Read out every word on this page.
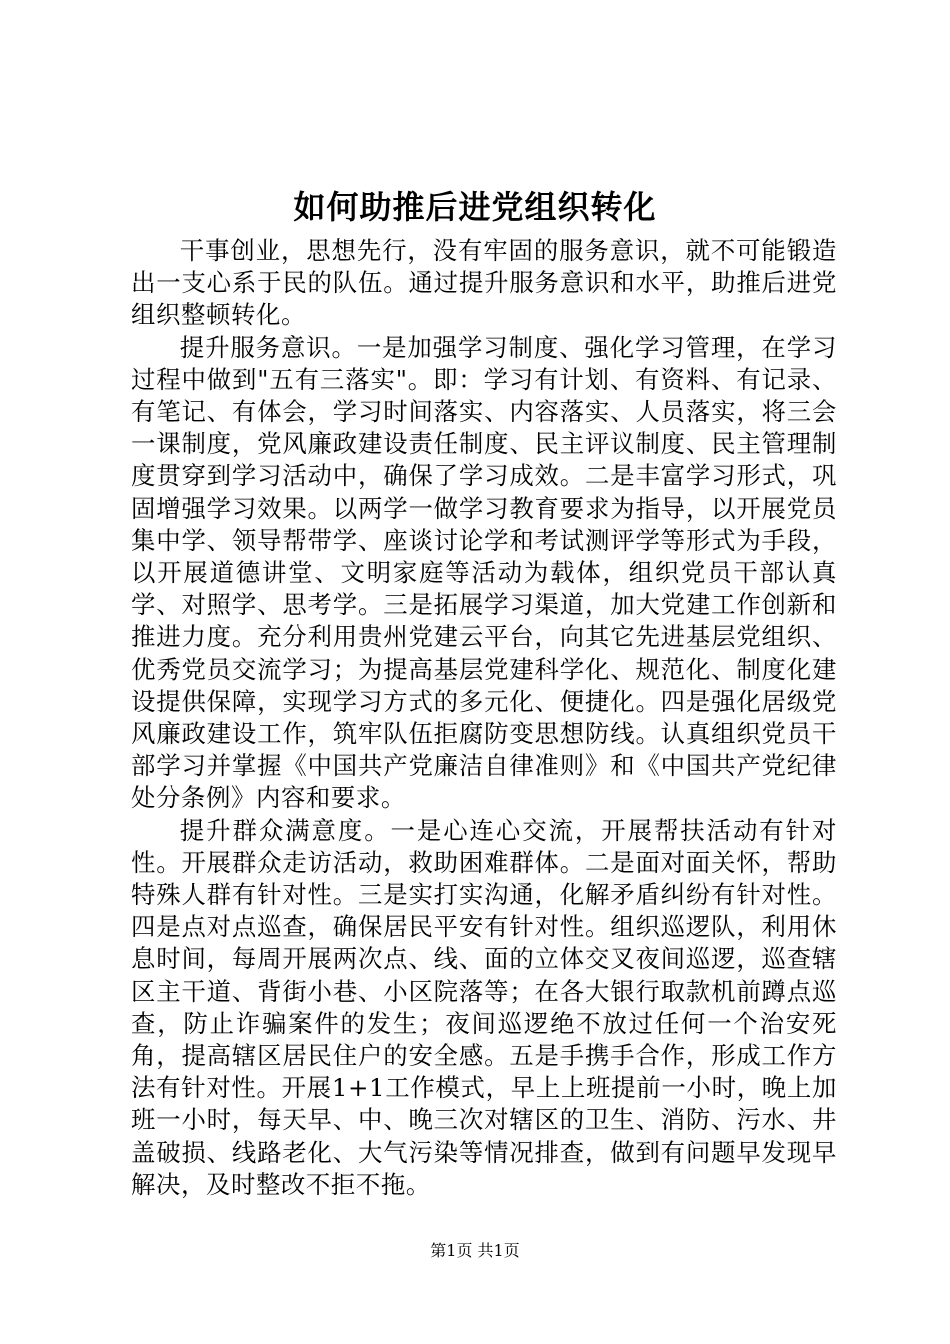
如何助推后进党组织转化

干事创业，思想先行，没有牢固的服务意识，就不可能锻造出一支心系于民的队伍。通过提升服务意识和水平，助推后进党组织整顿转化。

提升服务意识。一是加强学习制度、强化学习管理，在学习过程中做到"五有三落实"。即：学习有计划、有资料、有记录、有笔记、有体会，学习时间落实、内容落实、人员落实，将三会一课制度，党风廉政建设责任制度、民主评议制度、民主管理制度贯穿到学习活动中，确保了学习成效。二是丰富学习形式，巩固增强学习效果。以两学一做学习教育要求为指导，以开展党员集中学、领导帮带学、座谈讨论学和考试测评学等形式为手段，以开展道德讲堂、文明家庭等活动为载体，组织党员干部认真学、对照学、思考学。三是拓展学习渠道，加大党建工作创新和推进力度。充分利用贵州党建云平台，向其它先进基层党组织、优秀党员交流学习；为提高基层党建科学化、规范化、制度化建设提供保障，实现学习方式的多元化、便捷化。四是强化居级党风廉政建设工作，筑牢队伍拒腐防变思想防线。认真组织党员干部学习并掌握《中国共产党廉洁自律准则》和《中国共产党纪律处分条例》内容和要求。

提升群众满意度。一是心连心交流，开展帮扶活动有针对性。开展群众走访活动，救助困难群体。二是面对面关怀，帮助特殊人群有针对性。三是实打实沟通，化解矛盾纠纷有针对性。四是点对点巡查，确保居民平安有针对性。组织巡逻队，利用休息时间，每周开展两次点、线、面的立体交叉夜间巡逻，巡查辖区主干道、背街小巷、小区院落等；在各大银行取款机前蹲点巡查，防止诈骗案件的发生；夜间巡逻绝不放过任何一个治安死角，提高辖区居民住户的安全感。五是手携手合作，形成工作方法有针对性。开展1+1工作模式，早上上班提前一小时，晚上加班一小时，每天早、中、晚三次对辖区的卫生、消防、污水、井盖破损、线路老化、大气污染等情况排查，做到有问题早发现早解决，及时整改不拒不拖。

第1页 共1页
